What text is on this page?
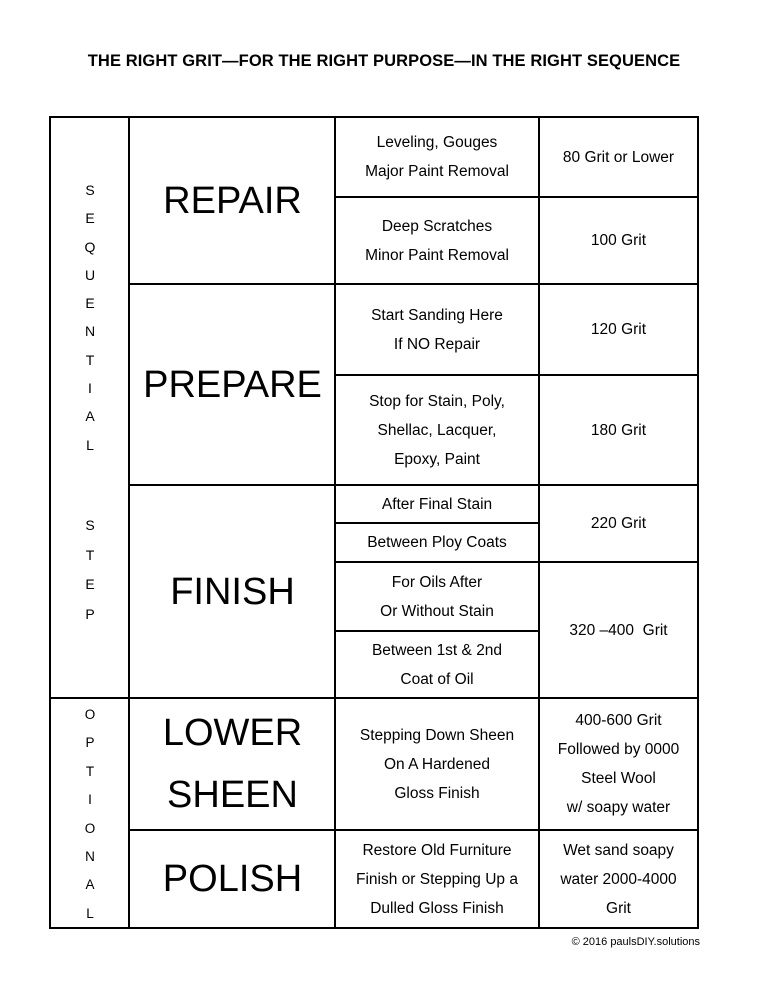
THE RIGHT GRIT—FOR THE RIGHT PURPOSE—IN THE RIGHT SEQUENCE
S
E
Q
U
E
N
T
I
A
L
S
T
E
P
O
P
T
I
O
N
A
L
REPAIR
PREPARE
FINISH
LOWER
SHEEN
POLISH
Leveling, Gouges
Major Paint Removal
Deep Scratches
Minor Paint Removal
Start Sanding Here
If NO Repair
Stop for Stain, Poly,
Shellac, Lacquer,
Epoxy, Paint
After Final Stain
Between Ploy Coats
For Oils After
Or Without Stain
Between 1st & 2nd
Coat of Oil
Stepping Down Sheen
On A Hardened
Gloss Finish
Restore Old Furniture
Finish or Stepping Up a
Dulled Gloss Finish
80 Grit or Lower
100 Grit
120 Grit
180 Grit
220 Grit
320 –400  Grit
400-600 Grit
Followed by 0000
Steel Wool
w/ soapy water
Wet sand soapy
water 2000-4000
Grit
© 2016 paulsDIY.solutions
